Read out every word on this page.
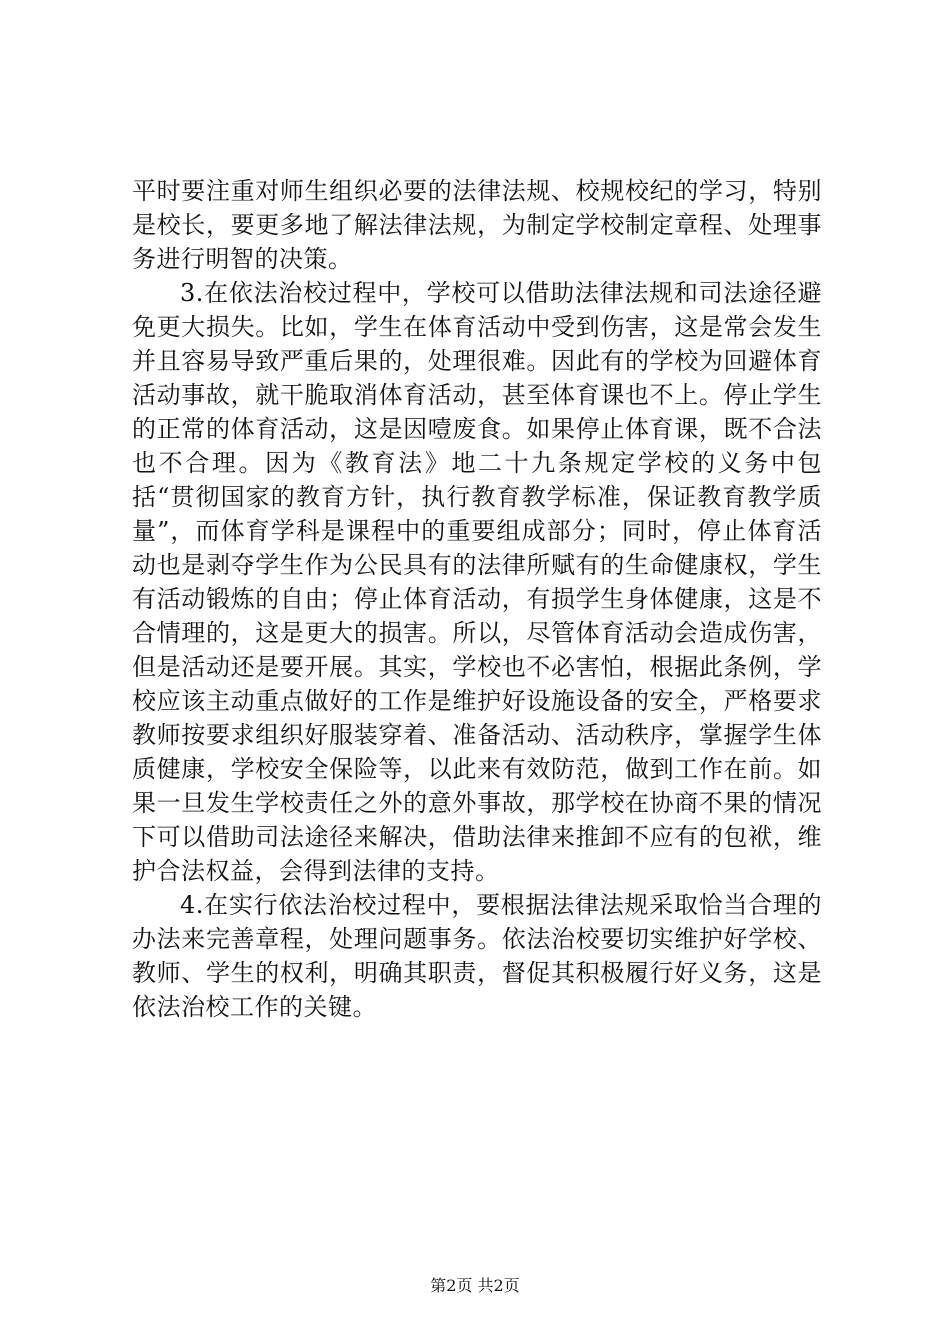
平时要注重对师生组织必要的法律法规、校规校纪的学习，特别是校长，要更多地了解法律法规，为制定学校制定章程、处理事务进行明智的决策。

3.在依法治校过程中，学校可以借助法律法规和司法途径避免更大损失。比如，学生在体育活动中受到伤害，这是常会发生并且容易导致严重后果的，处理很难。因此有的学校为回避体育活动事故，就干脆取消体育活动，甚至体育课也不上。停止学生的正常的体育活动，这是因噎废食。如果停止体育课，既不合法也不合理。因为《教育法》地二十九条规定学校的义务中包括“贯彻国家的教育方针，执行教育教学标准，保证教育教学质量”，而体育学科是课程中的重要组成部分；同时，停止体育活动也是剥夺学生作为公民具有的法律所赋有的生命健康权，学生有活动锻炼的自由；停止体育活动，有损学生身体健康，这是不合情理的，这是更大的损害。所以，尽管体育活动会造成伤害，但是活动还是要开展。其实，学校也不必害怕，根据此条例，学校应该主动重点做好的工作是维护好设施设备的安全，严格要求教师按要求组织好服装穿着、准备活动、活动秩序，掌握学生体质健康，学校安全保险等，以此来有效防范，做到工作在前。如果一旦发生学校责任之外的意外事故，那学校在协商不果的情况下可以借助司法途径来解决，借助法律来推卸不应有的包袱，维护合法权益，会得到法律的支持。

4.在实行依法治校过程中，要根据法律法规采取恰当合理的办法来完善章程，处理问题事务。依法治校要切实维护好学校、教师、学生的权利，明确其职责，督促其积极履行好义务，这是依法治校工作的关键。

第2页 共2页
